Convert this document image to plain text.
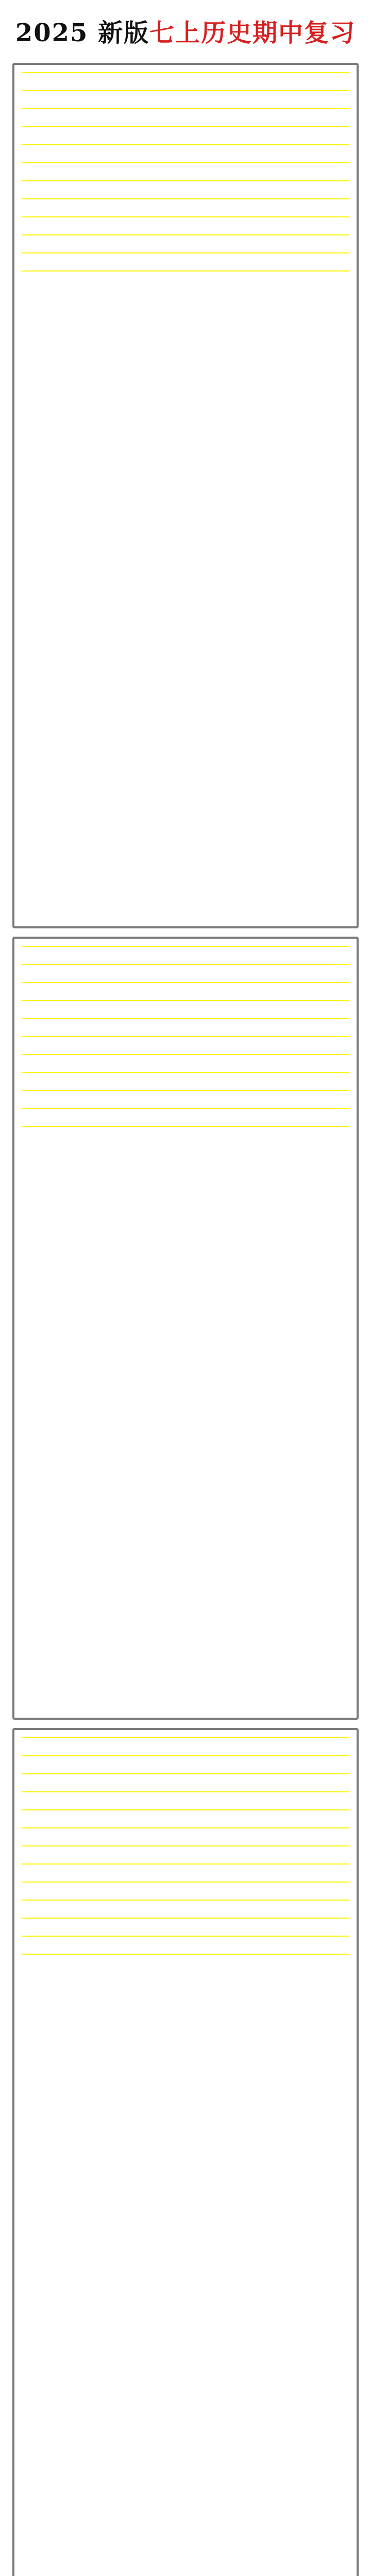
2025 新版七上历史期中复习
